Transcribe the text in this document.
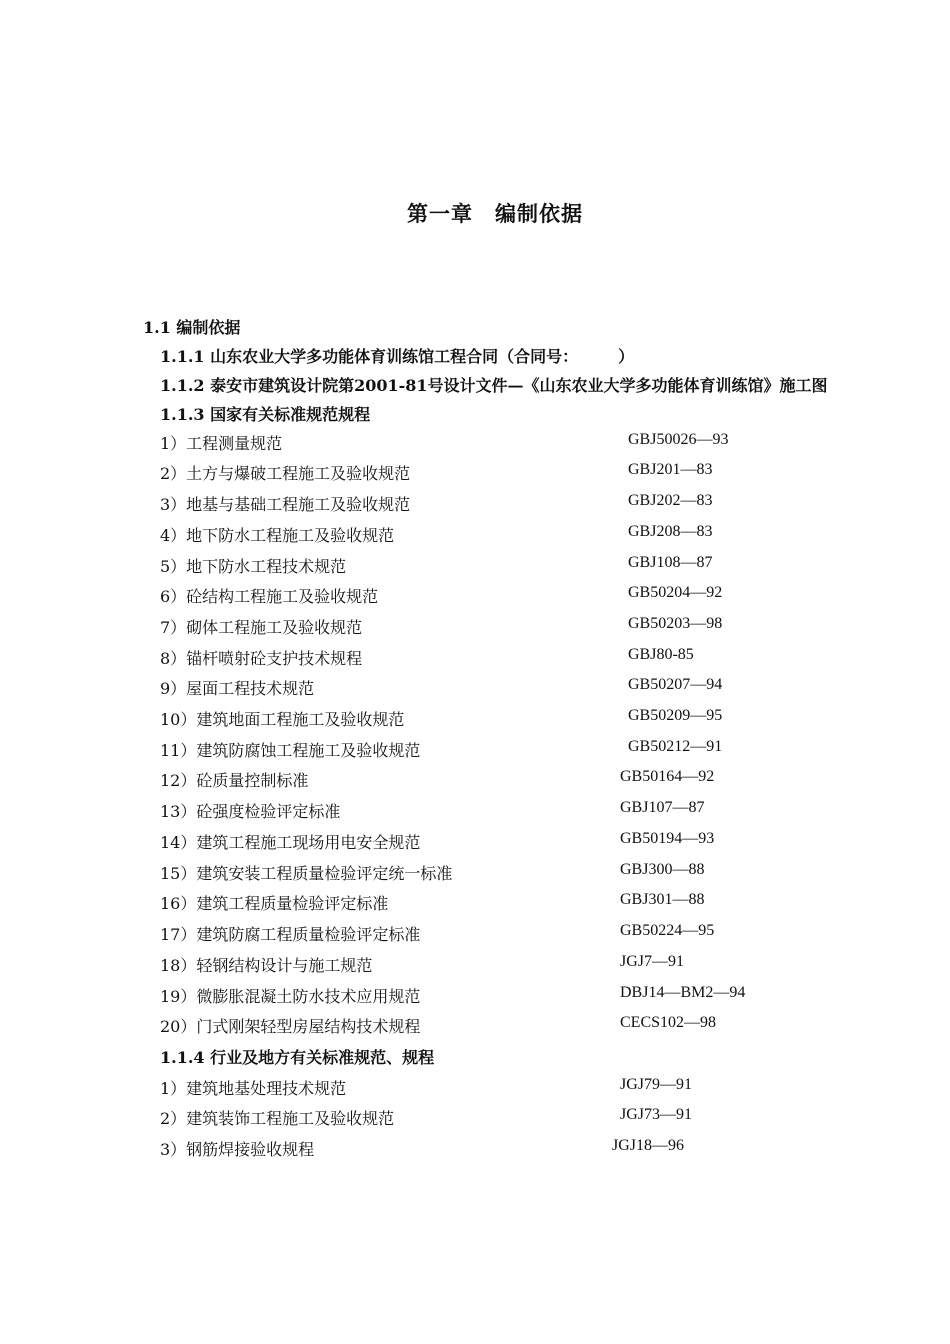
第一章　编制依据
1.1 编制依据
1.1.1 山东农业大学多功能体育训练馆工程合同（合同号：　　　）
1.1.2 泰安市建筑设计院第2001-81号设计文件—《山东农业大学多功能体育训练馆》施工图
1.1.3 国家有关标准规范规程
1）工程测量规范	GBJ50026—93
2）土方与爆破工程施工及验收规范	GBJ201—83
3）地基与基础工程施工及验收规范	GBJ202—83
4）地下防水工程施工及验收规范	GBJ208—83
5）地下防水工程技术规范	GBJ108—87
6）砼结构工程施工及验收规范	GB50204—92
7）砌体工程施工及验收规范	GB50203—98
8）锚杆喷射砼支护技术规程	GBJ80-85
9）屋面工程技术规范	GB50207—94
10）建筑地面工程施工及验收规范	GB50209—95
11）建筑防腐蚀工程施工及验收规范	GB50212—91
12）砼质量控制标准	GB50164—92
13）砼强度检验评定标准	GBJ107—87
14）建筑工程施工现场用电安全规范	GB50194—93
15）建筑安装工程质量检验评定统一标准	GBJ300—88
16）建筑工程质量检验评定标准	GBJ301—88
17）建筑防腐工程质量检验评定标准	GB50224—95
18）轻钢结构设计与施工规范	JGJ7—91
19）微膨胀混凝土防水技术应用规范	DBJ14—BM2—94
20）门式刚架轻型房屋结构技术规程	CECS102—98
1.1.4 行业及地方有关标准规范、规程
1）建筑地基处理技术规范	JGJ79—91
2）建筑装饰工程施工及验收规范	JGJ73—91
3）钢筋焊接验收规程	JGJ18—96
